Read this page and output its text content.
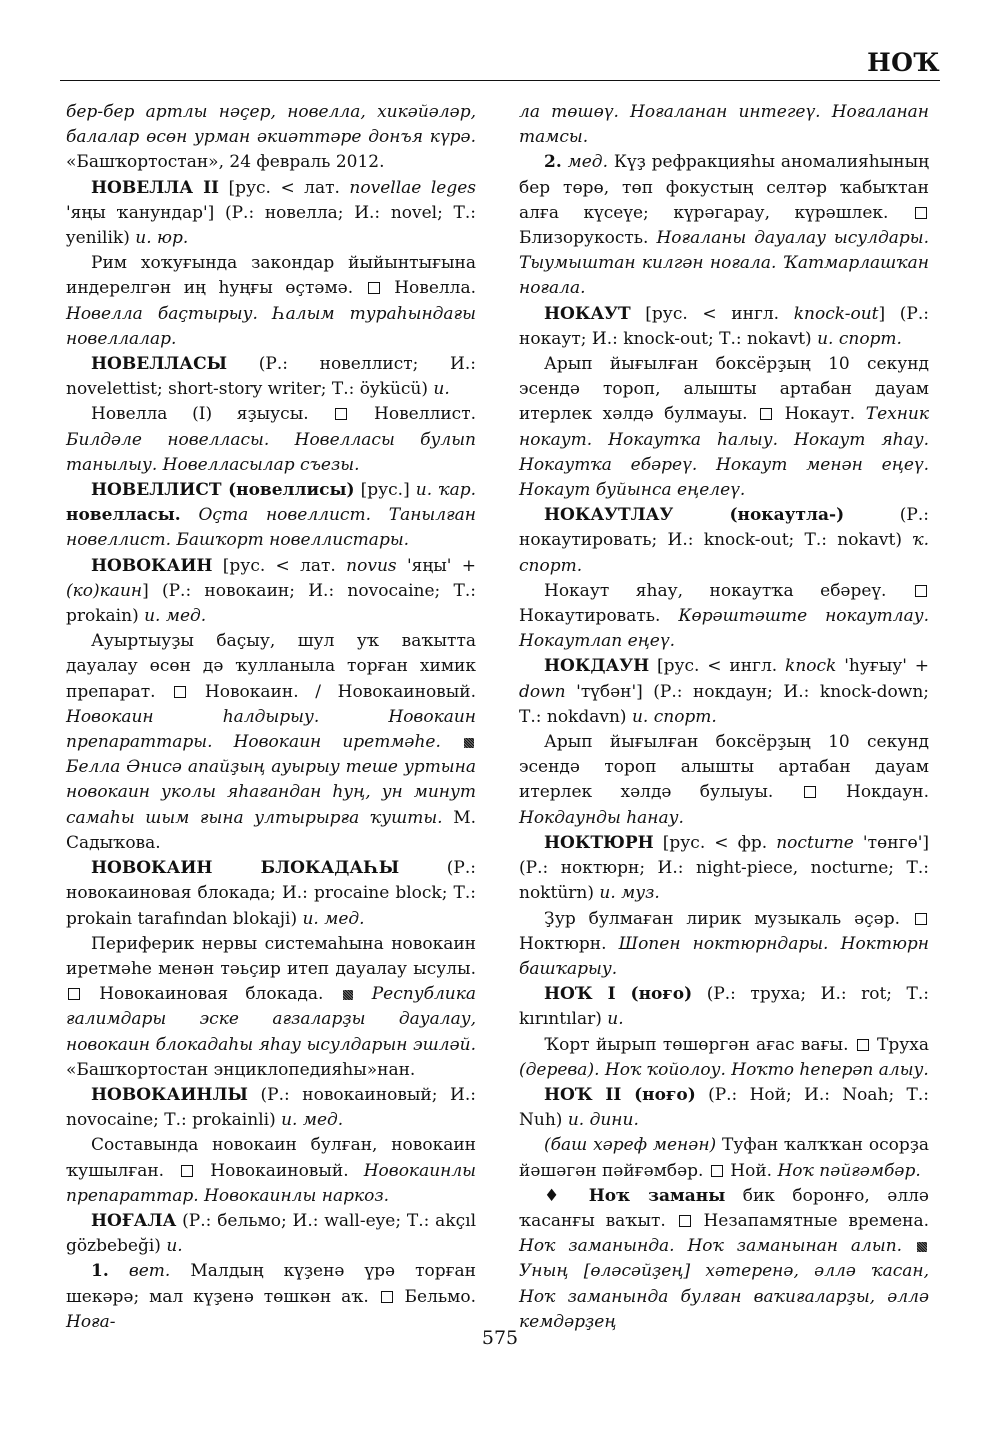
НОҠ

бер-бер артлы нәҫер, новелла, хикәйәләр, балалар өсөн урман әкиәттәре донъя күрә. «Башҡортостан», 24 февраль 2012.

НОВЕЛЛА II [рус. < лат. novellae leges 'яңы ҡанундар'] (Р.: новелла; И.: novel; Т.: yenilik) и. юр.

Рим хоҡуғында закондар йыйынтығына индерелгән иң һуңғы өҫтәмә. Новелла. Новелла баҫтырыу. Һалым тураһындағы новеллалар.

НОВЕЛЛАСЫ (Р.: новеллист; И.: novelettist; short-story writer; Т.: öykücü) и.

Новелла (I) яҙыусы.	Новеллист. Билдәле новелласы. Новелласы булып танылыу. Новелласылар съезы.

НОВЕЛЛИСТ (новеллисы) [рус.] и. ҡар. новелласы. Оҫта новеллист. Танылған новеллист. Башҡорт новеллистары.

НОВОКАИН [рус. < лат. novus 'яңы' + (ко)каин] (Р.: новокаин; И.: novocaine; Т.: prokain) и. мед.

Ауыртыуҙы баҫыу, шул уҡ ваҡытта дауалау өсөн дә ҡулланыла торған химик препарат.	Новокаин. / Новокаиновый. Новокаин һалдырыу. Новокаин препараттары. Новокаин иретмәһе.  Белла Әнисә апайҙың ауырыу теше уртына новокаин уколы яһағандан һуң, ун минут самаһы шым ғына ултырырға ҡушты. М. Садыҡова.

НОВОКАИН БЛОКАДАҺЫ	(Р.: новокаиновая блокада; И.: procaine block; Т.: prokain tarafından blokaji) и. мед.

Периферик нервы системаһына новокаин иретмәһе менән тәьҫир итеп дауалау ысулы.  Новокаиновая блокада.	Республика ғалимдары эске ағзаларҙы дауалау, новокаин блокадаһы яһау ысулдарын эшләй. «Башҡортостан энциклопедияһы»нан.

НОВОКАИНЛЫ (Р.: новокаиновый; И.: novocaine; Т.: prokainli) и. мед.

Составында новокаин булған, новокаин ҡушылған.	Новокаиновый. Новокаинлы препараттар. Новокаинлы наркоз.

НОҒАЛА (Р.: бельмо; И.: wall-eye; Т.: akçıl gözbebeği) и.

1. вет. Малдың күҙенә үрә торған шекәрә; мал күҙенә төшкән аҡ. Бельмо. Ноға-

ла төшөү. Ноғаланан интегеү. Ноғаланан тамсы.

2. мед. Күҙ рефракцияһы аномалияһының бер төрө, төп фокустың селтәр ҡабыҡтан алға күсеүе; күрәгарау, күрәшлек.  Близорукость. Ноғаланы дауалау ысулдары. Тыумыштан килгән ноғала. Ҡатмарлашҡан ноғала.

НОКАУТ [рус. < ингл. knock-out] (Р.: нокаут; И.: knock-out; Т.: nokavt) и. спорт.

Арып йығылған боксёрҙың 10 секунд эсендә тороп, алышты артабан дауам итерлек хәлдә булмауы. Нокаут. Техник нокаут. Нокаутҡа һалыу. Нокаут яһау. Нокаутҡа ебәреү. Нокаут менән еңеү. Нокаут буйынса еңелеү.

НОКАУТЛАУ (нокаутла-)	(Р.: нокаутировать; И.: knock-out; Т.: nokavt) ҡ. спорт.

Нокаут яһау, нокаутҡа ебәреү.  Нокаутировать. Көрәштәште нокаутлау. Нокаутлап еңеү.

НОКДАУН [рус. < ингл. knock 'һуғыу' + down 'түбән'] (Р.: нокдаун; И.: knock-down; Т.: nokdavn) и. спорт.

Арып йығылған боксёрҙың 10 секунд эсендә тороп алышты артабан дауам итерлек хәлдә булыуы.	Нокдаун. Нокдаунды һанау.

НОКТЮРН [рус. < фр. nocturne 'төнгө'] (Р.: ноктюрн; И.: night-piece, nocturne; Т.: noktürn) и. муз.

Ҙур булмаған лирик музыкаль әҫәр.  Ноктюрн. Шопен ноктюрндары. Ноктюрн башҡарыу.

НОҠ I (ноғо) (Р.: труха; И.: rot; Т.: kırıntılar) и.

Ҡорт йырып төшөргән ағас вағы. Труха (дерева). Ноҡ ҡойолоу. Ноҡто һеперәп алыу.

НОҠ II (ноғо) (Р.: Ной; И.: Noah; Т.: Nuh) и. дини.

(баш хәреф менән) Туфан ҡалҡҡан осорҙа йәшәгән пәйғәмбәр. Ной. Ноҡ пәйғәмбәр.

♦ Ноҡ заманы бик боронғо, әллә ҡасанғы ваҡыт. Незапамятные времена. Ноҡ заманында. Ноҡ заманынан алып.  Уның [өләсәйҙең] хәтеренә, әллә ҡасан, Ноҡ заманында булған ваҡиғаларҙы, әллә кемдәрҙең

575
